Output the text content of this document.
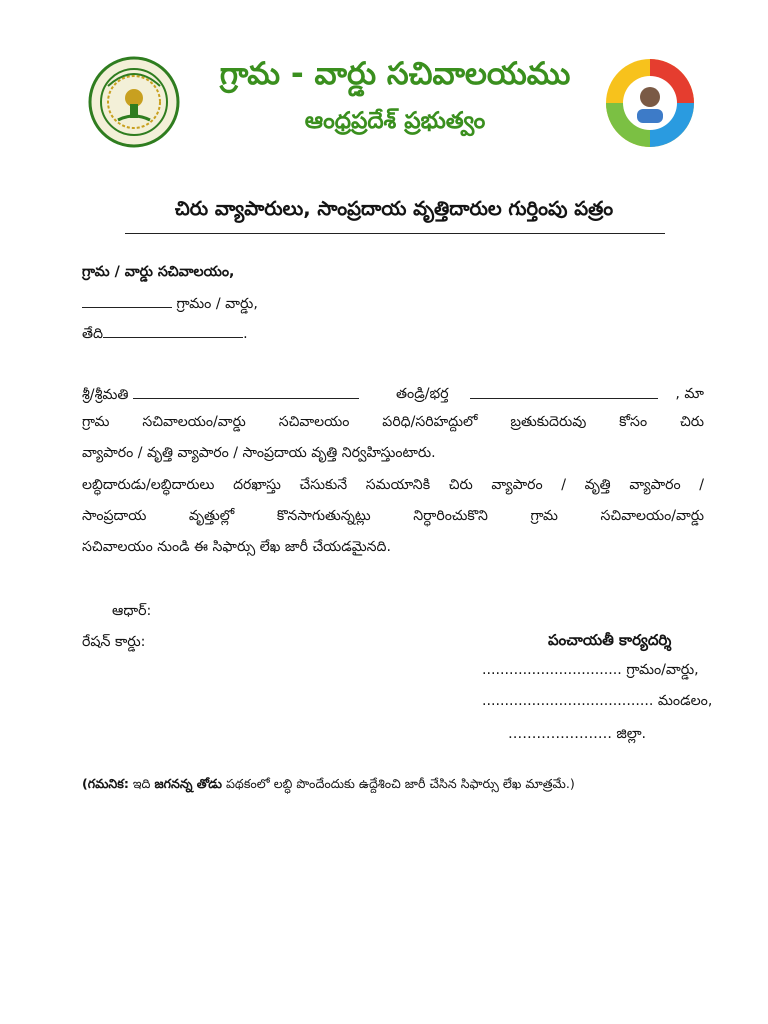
గ్రామ - వార్డు సచివాలయము
ఆంధ్రప్రదేశ్ ప్రభుత్వం
చిరు వ్యాపారులు, సాంప్రదాయ వృత్తిదారుల గుర్తింపు పత్రం
గ్రామ / వార్డు సచివాలయం,
గ్రామం / వార్డు,
తేది	.
శ్రీ/శ్రీమతి	తండ్రి/భర్త	, మా
గ్రామ సచివాలయం/వార్డు సచివాలయం పరిధి/సరిహద్దులో బ్రతుకుదెరువు కోసం చిరు
వ్యాపారం / వృత్తి వ్యాపారం / సాంప్రదాయ వృత్తి నిర్వహిస్తుంటారు.
లబ్ధిదారుడు/లబ్ధిదారులు దరఖాస్తు చేసుకునే సమయానికి చిరు వ్యాపారం / వృత్తి వ్యాపారం /
సాంప్రదాయ వృత్తుల్లో కొనసాగుతున్నట్లు నిర్ధారించుకొని గ్రామ సచివాలయం/వార్డు
సచివాలయం నుండి ఈ సిఫార్సు లేఖ జారీ చేయడమైనది.
ఆధార్:
రేషన్ కార్డు:	పంచాయతీ కార్యదర్శి
............................... గ్రామం/వార్డు,
...................................... మండలం,
…………………. జిల్లా.
(గమనిక: ఇది జగనన్న తోడు పథకంలో లబ్ధి పొందేందుకు ఉద్దేశించి జారీ చేసిన సిఫార్సు లేఖ మాత్రమే.)
